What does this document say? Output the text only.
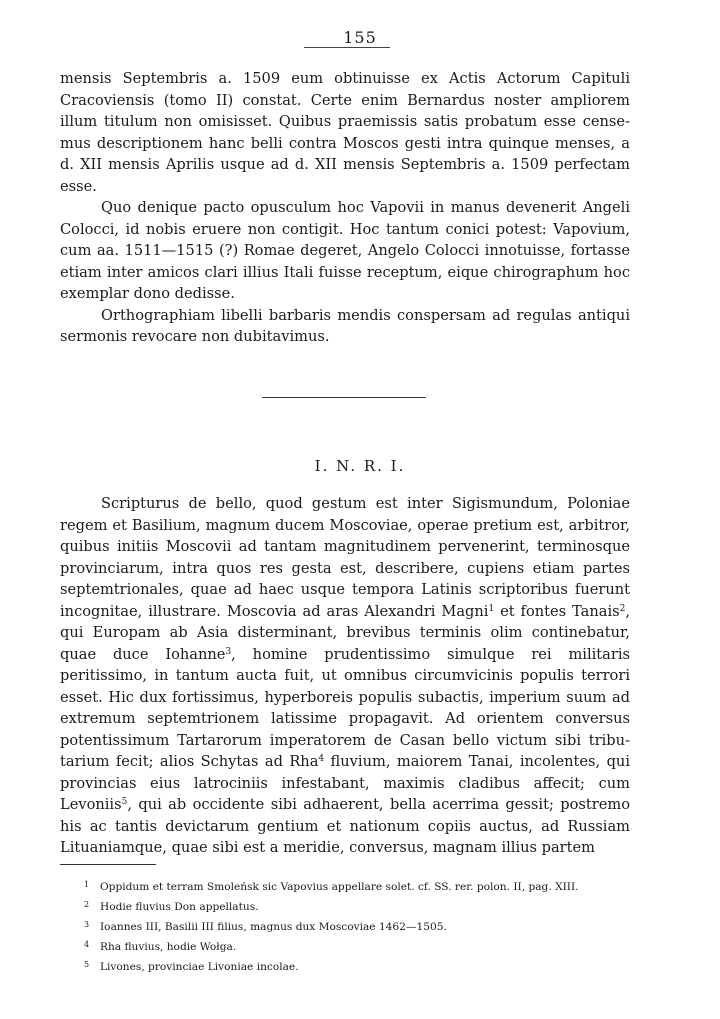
155

mensis Septembris a. 1509 eum obtinuisse ex Actis Actorum Capituli Cracoviensis (tomo II) constat. Certe enim Bernardus noster ampliorem illum titulum non omisisset. Quibus praemissis satis probatum esse censemus descriptionem hanc belli contra Moscos gesti intra quinque menses, a d. XII mensis Aprilis usque ad d. XII mensis Septembris a. 1509 perfectam esse.

Quo denique pacto opusculum hoc Vapovii in manus devenerit Angeli Colocci, id nobis eruere non contigit. Hoc tantum conici potest: Vapovium, cum aa. 1511—1515 (?) Romae degeret, Angelo Colocci innotuisse, fortasse etiam inter amicos clari illius Itali fuisse receptum, eique chirographum hoc exemplar dono dedisse.

Orthographiam libelli barbaris mendis conspersam ad regulas antiqui sermonis revocare non dubitavimus.

I. N. R. I.

Scripturus de bello, quod gestum est inter Sigismundum, Poloniae regem et Basilium, magnum ducem Moscoviae, operae pretium est, arbitror, quibus initiis Moscovii ad tantam magnitudinem pervenerint, terminosque provinciarum, intra quos res gesta est, describere, cupiens etiam partes septemtrionales, quae ad haec usque tempora Latinis scriptoribus fuerunt incognitae, illustrare. Moscovia ad aras Alexandri Magni$^1$ et fontes Tanais$^2$, qui Europam ab Asia disterminant, brevibus terminis olim continebatur, quae duce Iohanne$^3$, homine prudentissimo simulque rei militaris peritissimo, in tantum aucta fuit, ut omnibus circumvicinis populis terrori esset. Hic dux fortissimus, hyperboreis populis subactis, imperium suum ad extremum septemtrionem latissime propagavit. Ad orientem conversus potentissimum Tartarorum imperatorem de Casan bello victum sibi tributarium fecit; alios Schytas ad Rha$^4$ fluvium, maiorem Tanai, incolentes, qui provincias eius latrociniis infestabant, maximis cladibus affecit; cum Levoniis$^5$, qui ab occidente sibi adhaerent, bella acerrima gessit; postremo his ac tantis devictarum gentium et nationum copiis auctus, ad Russiam Lituaniamque, quae sibi est a meridie, conversus, magnam illius partem

1 Oppidum et terram Smoleńsk sic Vapovius appellare solet. cf. SS. rer. polon. II, pag. XIII.

2 Hodie fluvius Don appellatus.

3 Ioannes III, Basilii III filius, magnus dux Moscoviae 1462—1505.

4 Rha fluvius, hodie Wołga.

5 Livones, provinciae Livoniae incolae.
